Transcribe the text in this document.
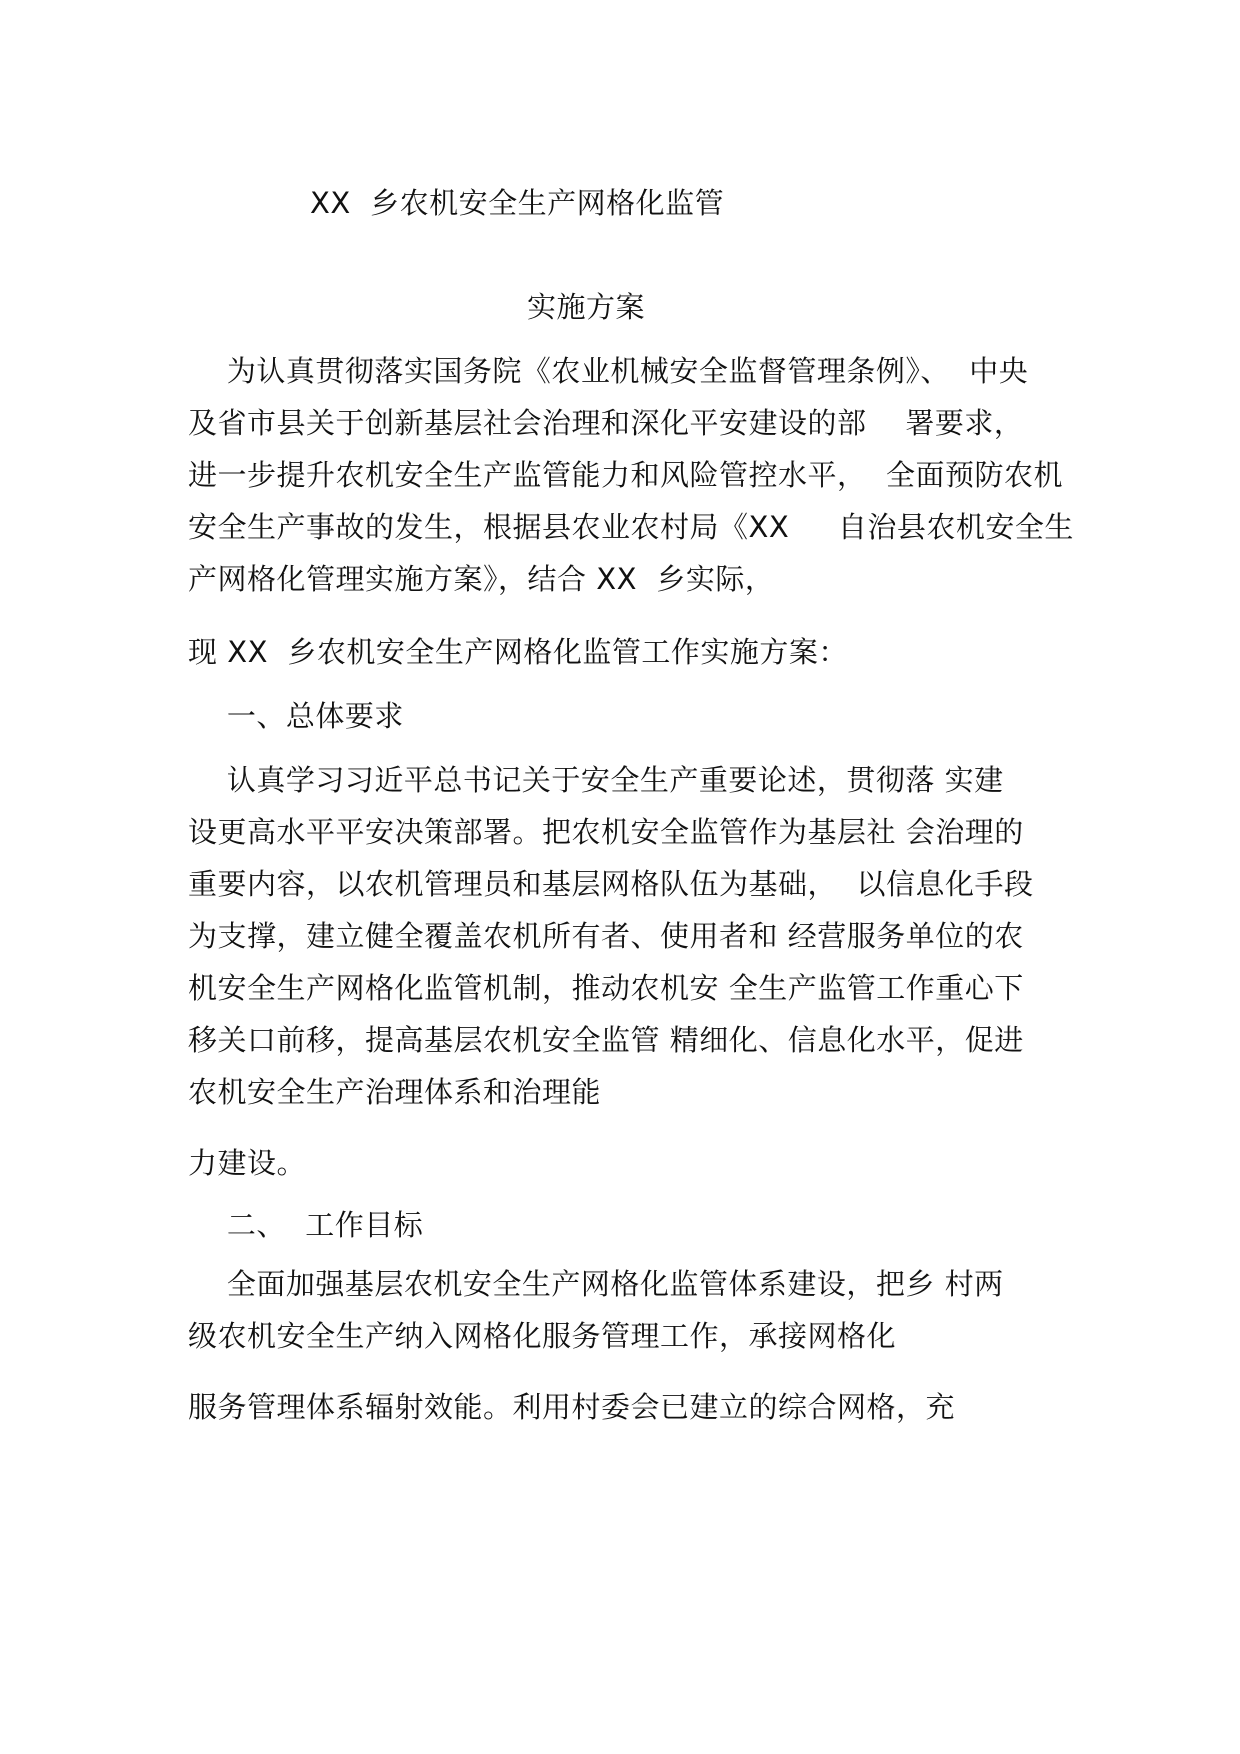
XX  乡农机安全生产网格化监管
实施方案
为认真贯彻落实国务院《农业机械安全监督管理条例》、  中央
及省市县关于创新基层社会治理和深化平安建设的部    署要求，
进一步提升农机安全生产监管能力和风险管控水平，  全面预防农机
安全生产事故的发生，根据县农业农村局《XX     自治县农机安全生
产网格化管理实施方案》，结合 XX  乡实际，
现 XX  乡农机安全生产网格化监管工作实施方案：
一、总体要求
认真学习习近平总书记关于安全生产重要论述，贯彻落 实建
设更高水平平安决策部署。把农机安全监管作为基层社 会治理的
重要内容，以农机管理员和基层网格队伍为基础，  以信息化手段
为支撑，建立健全覆盖农机所有者、使用者和 经营服务单位的农
机安全生产网格化监管机制，推动农机安 全生产监管工作重心下
移关口前移，提高基层农机安全监管 精细化、信息化水平，促进
农机安全生产治理体系和治理能
力建设。
二、  工作目标
全面加强基层农机安全生产网格化监管体系建设，把乡 村两
级农机安全生产纳入网格化服务管理工作，承接网格化
服务管理体系辐射效能。利用村委会已建立的综合网格，充
